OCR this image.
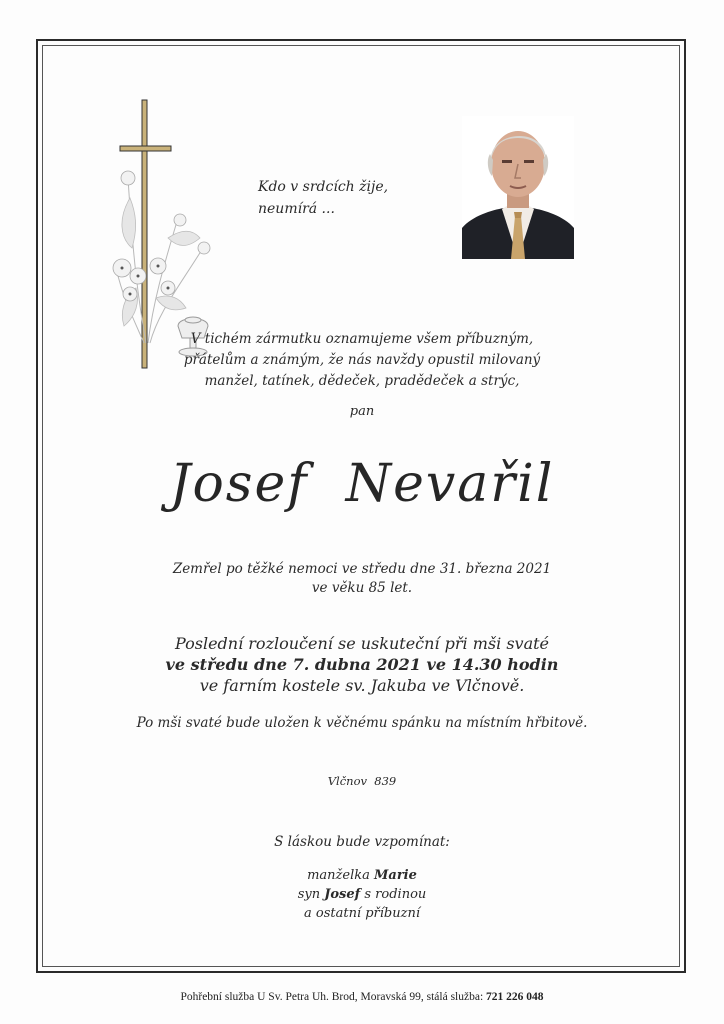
Kdo v srdcích žije,
neumírá ...
V tichém zármutku oznamujeme všem příbuzným,
přátelům a známým, že nás navždy opustil milovaný
manžel, tatínek, dědeček, pradědeček a strýc,
pan
Josef  Nevařil
Zemřel po těžké nemoci ve středu dne 31. března 2021
ve věku 85 let.
Poslední rozloučení se uskuteční při mši svaté
ve středu dne 7. dubna 2021 ve 14.30 hodin
ve farním kostele sv. Jakuba ve Vlčnově.
Po mši svaté bude uložen k věčnému spánku na místním hřbitově.
Vlčnov  839
S láskou bude vzpomínat:
manželka Marie
syn Josef s rodinou
a ostatní příbuzní
Pohřební služba U Sv. Petra Uh. Brod, Moravská 99, stálá služba: 721 226 048
